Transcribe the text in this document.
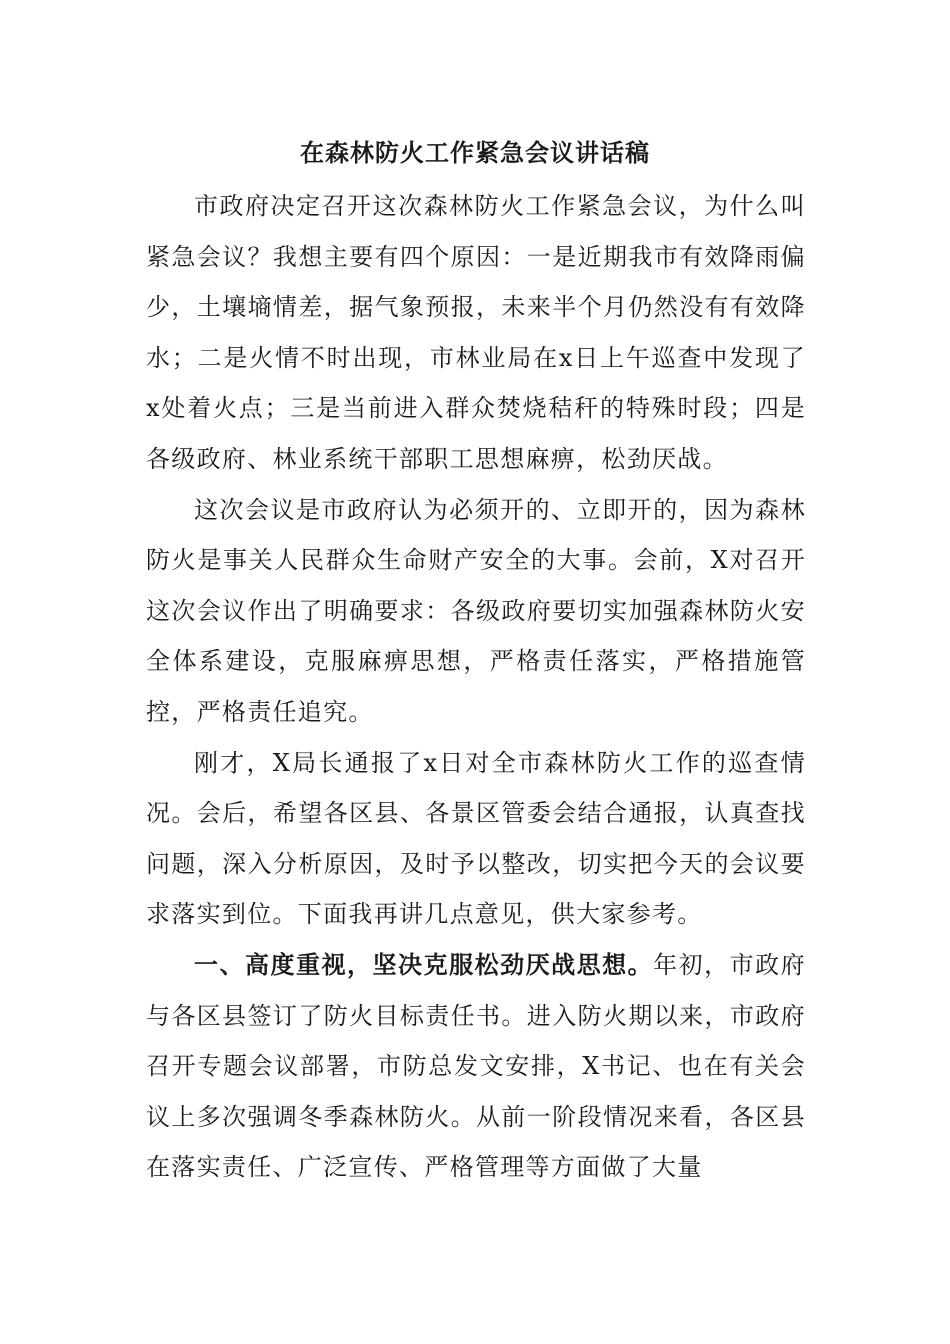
在森林防火工作紧急会议讲话稿

市政府决定召开这次森林防火工作紧急会议，为什么叫紧急会议？我想主要有四个原因：一是近期我市有效降雨偏少，土壤墒情差，据气象预报，未来半个月仍然没有有效降水；二是火情不时出现，市林业局在x日上午巡查中发现了x处着火点；三是当前进入群众焚烧秸秆的特殊时段；四是各级政府、林业系统干部职工思想麻痹，松劲厌战。

这次会议是市政府认为必须开的、立即开的，因为森林防火是事关人民群众生命财产安全的大事。会前，X对召开这次会议作出了明确要求：各级政府要切实加强森林防火安全体系建设，克服麻痹思想，严格责任落实，严格措施管控，严格责任追究。

刚才，X局长通报了x日对全市森林防火工作的巡查情况。会后，希望各区县、各景区管委会结合通报，认真查找问题，深入分析原因，及时予以整改，切实把今天的会议要求落实到位。下面我再讲几点意见，供大家参考。

一、高度重视，坚决克服松劲厌战思想。年初，市政府与各区县签订了防火目标责任书。进入防火期以来，市政府召开专题会议部署，市防总发文安排，X书记、也在有关会议上多次强调冬季森林防火。从前一阶段情况来看，各区县在落实责任、广泛宣传、严格管理等方面做了大量
